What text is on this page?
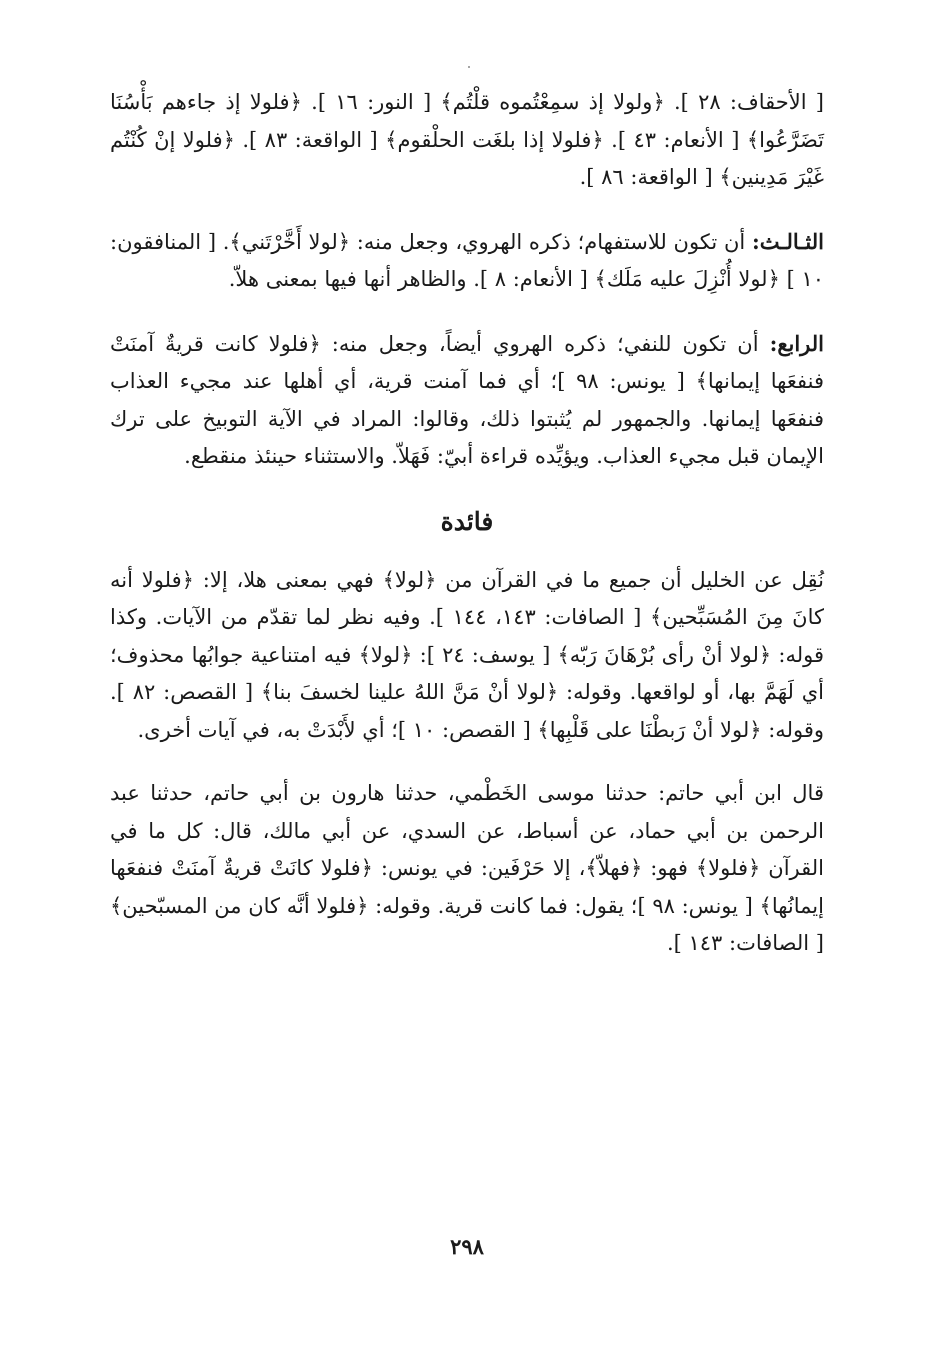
[ الأحقاف: ٢٨ ]. ﴿ولولا إذ سمِعْتُموه قلْتُم﴾ [ النور: ١٦ ]. ﴿فلولا إذ جاءهم بَأْسُنَا تَضَرَّعُوا﴾ [ الأنعام: ٤٣ ]. ﴿فلولا إذا بلغَت الحلْقوم﴾ [ الواقعة: ٨٣ ]. ﴿فلولا إنْ كُنْتُم غَيْرَ مَدِينين﴾ [ الواقعة: ٨٦ ].

الثـالـث: أن تكون للاستفهام؛ ذكره الهروي، وجعل منه: ﴿لولا أَخَّرْتَني﴾. [ المنافقون: ١٠ ] ﴿لولا أُنْزِلَ عليه مَلَك﴾ [ الأنعام: ٨ ]. والظاهر أنها فيها بمعنى هلاّ.

الرابع: أن تكون للنفي؛ ذكره الهروي أيضاً، وجعل منه: ﴿فلولا كانت قريةٌ آمنَتْ فنفعَها إيمانها﴾ [ يونس: ٩٨ ]؛ أي فما آمنت قرية، أي أهلها عند مجيء العذاب فنفعَها إيمانها. والجمهور لم يُثبتوا ذلك، وقالوا: المراد في الآية التوبيخ على ترك الإيمان قبل مجيء العذاب. ويؤيِّده قراءة أبيّ: فَهَلاّ. والاستثناء حينئذ منقطع.

فائدة

نُقِل عن الخليل أن جميع ما في القرآن من ﴿لولا﴾ فهي بمعنى هلا، إلا: ﴿فلولا أنه كانَ مِنَ المُسَبِّحين﴾ [ الصافات: ١٤٣، ١٤٤ ]. وفيه نظر لما تقدّم من الآيات. وكذا قوله: ﴿لولا أنْ رأى بُرْهَانَ رَبّه﴾ [ يوسف: ٢٤ ]: ﴿لولا﴾ فيه امتناعية جوابُها محذوف؛ أي لَهَمَّ بها، أو لواقعها. وقوله: ﴿لولا أنْ مَنَّ اللهُ علينا لخسفَ بنا﴾ [ القصص: ٨٢ ]. وقوله: ﴿لولا أنْ رَبطْنَا على قَلْبِها﴾ [ القصص: ١٠ ]؛ أي لأَبْدَتْ به، في آيات أخرى.

قال ابن أبي حاتم: حدثنا موسى الخَطْمي، حدثنا هارون بن أبي حاتم، حدثنا عبد الرحمن بن أبي حماد، عن أسباط، عن السدي، عن أبي مالك، قال: كل ما في القرآن ﴿فلولا﴾ فهو: ﴿فهلاّ﴾، إلا حَرْفَين: في يونس: ﴿فلولا كانَتْ قريةٌ آمنَتْ فنفعَها إيمانُها﴾ [ يونس: ٩٨ ]؛ يقول: فما كانت قرية. وقوله: ﴿فلولا أنَّه كان من المسبّحين﴾ [ الصافات: ١٤٣ ].

٢٩٨
